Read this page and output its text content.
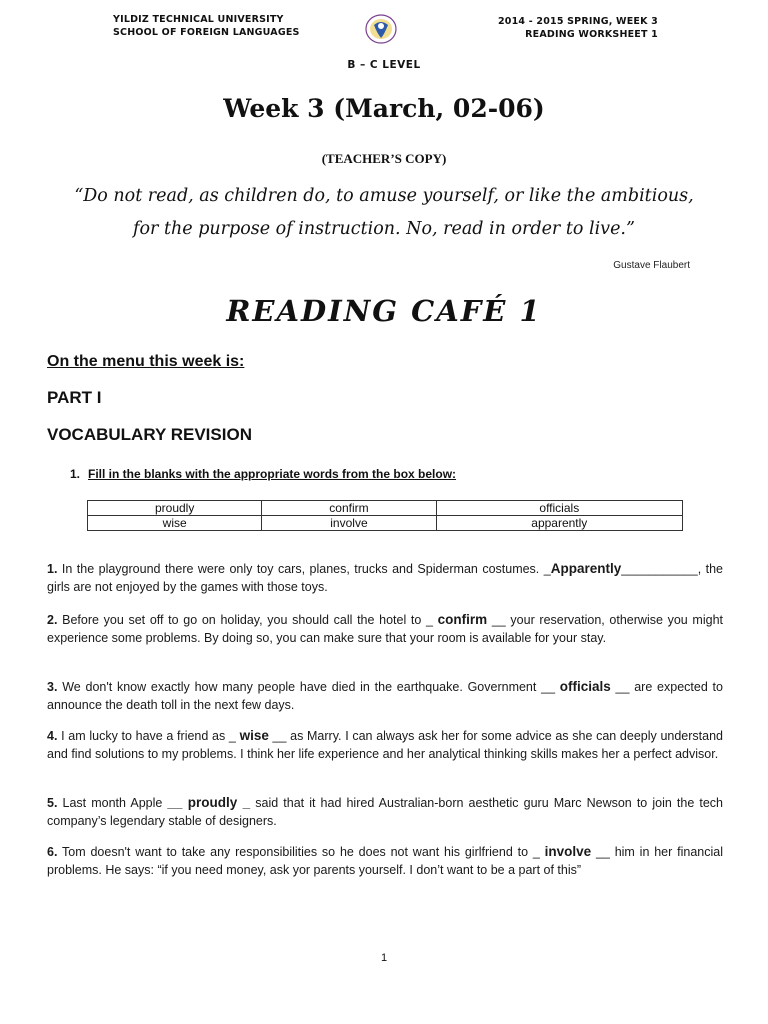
YILDIZ TECHNICAL UNIVERSITY
SCHOOL OF FOREIGN LANGUAGES
2014 - 2015 SPRING, WEEK 3
READING WORKSHEET 1
B – C LEVEL
Week 3 (March, 02-06)
(TEACHER’S COPY)
“Do not read, as children do, to amuse yourself, or like the ambitious,
for the purpose of instruction. No, read in order to live.”
Gustave Flaubert
READING CAFÉ 1
On the menu this week is:
PART I
VOCABULARY REVISION
1. Fill in the blanks with the appropriate words from the box below:
proudly	confirm	officials
wise	involve	apparently
1. In the playground there were only toy cars, planes, trucks and Spiderman costumes. _Apparently___________, the girls are not enjoyed by the games with those toys.
2. Before you set off to go on holiday, you should call the hotel to _ confirm __ your reservation, otherwise you might experience some problems. By doing so, you can make sure that your room is available for your stay.
3. We don't know exactly how many people have died in the earthquake. Government __ officials __ are expected to announce the death toll in the next few days.
4. I am lucky to have a friend as _ wise __ as Marry. I can always ask her for some advice as she can deeply understand and find solutions to my problems. I think her life experience and her analytical thinking skills makes her a perfect advisor.
5. Last month Apple __ proudly _ said that it had hired Australian-born aesthetic guru Marc Newson to join the tech company’s legendary stable of designers.
6. Tom doesn't want to take any responsibilities so he does not want his girlfriend to _ involve __ him in her financial problems. He says: “if you need money, ask yor parents yourself. I don’t want to be a part of this”
1
